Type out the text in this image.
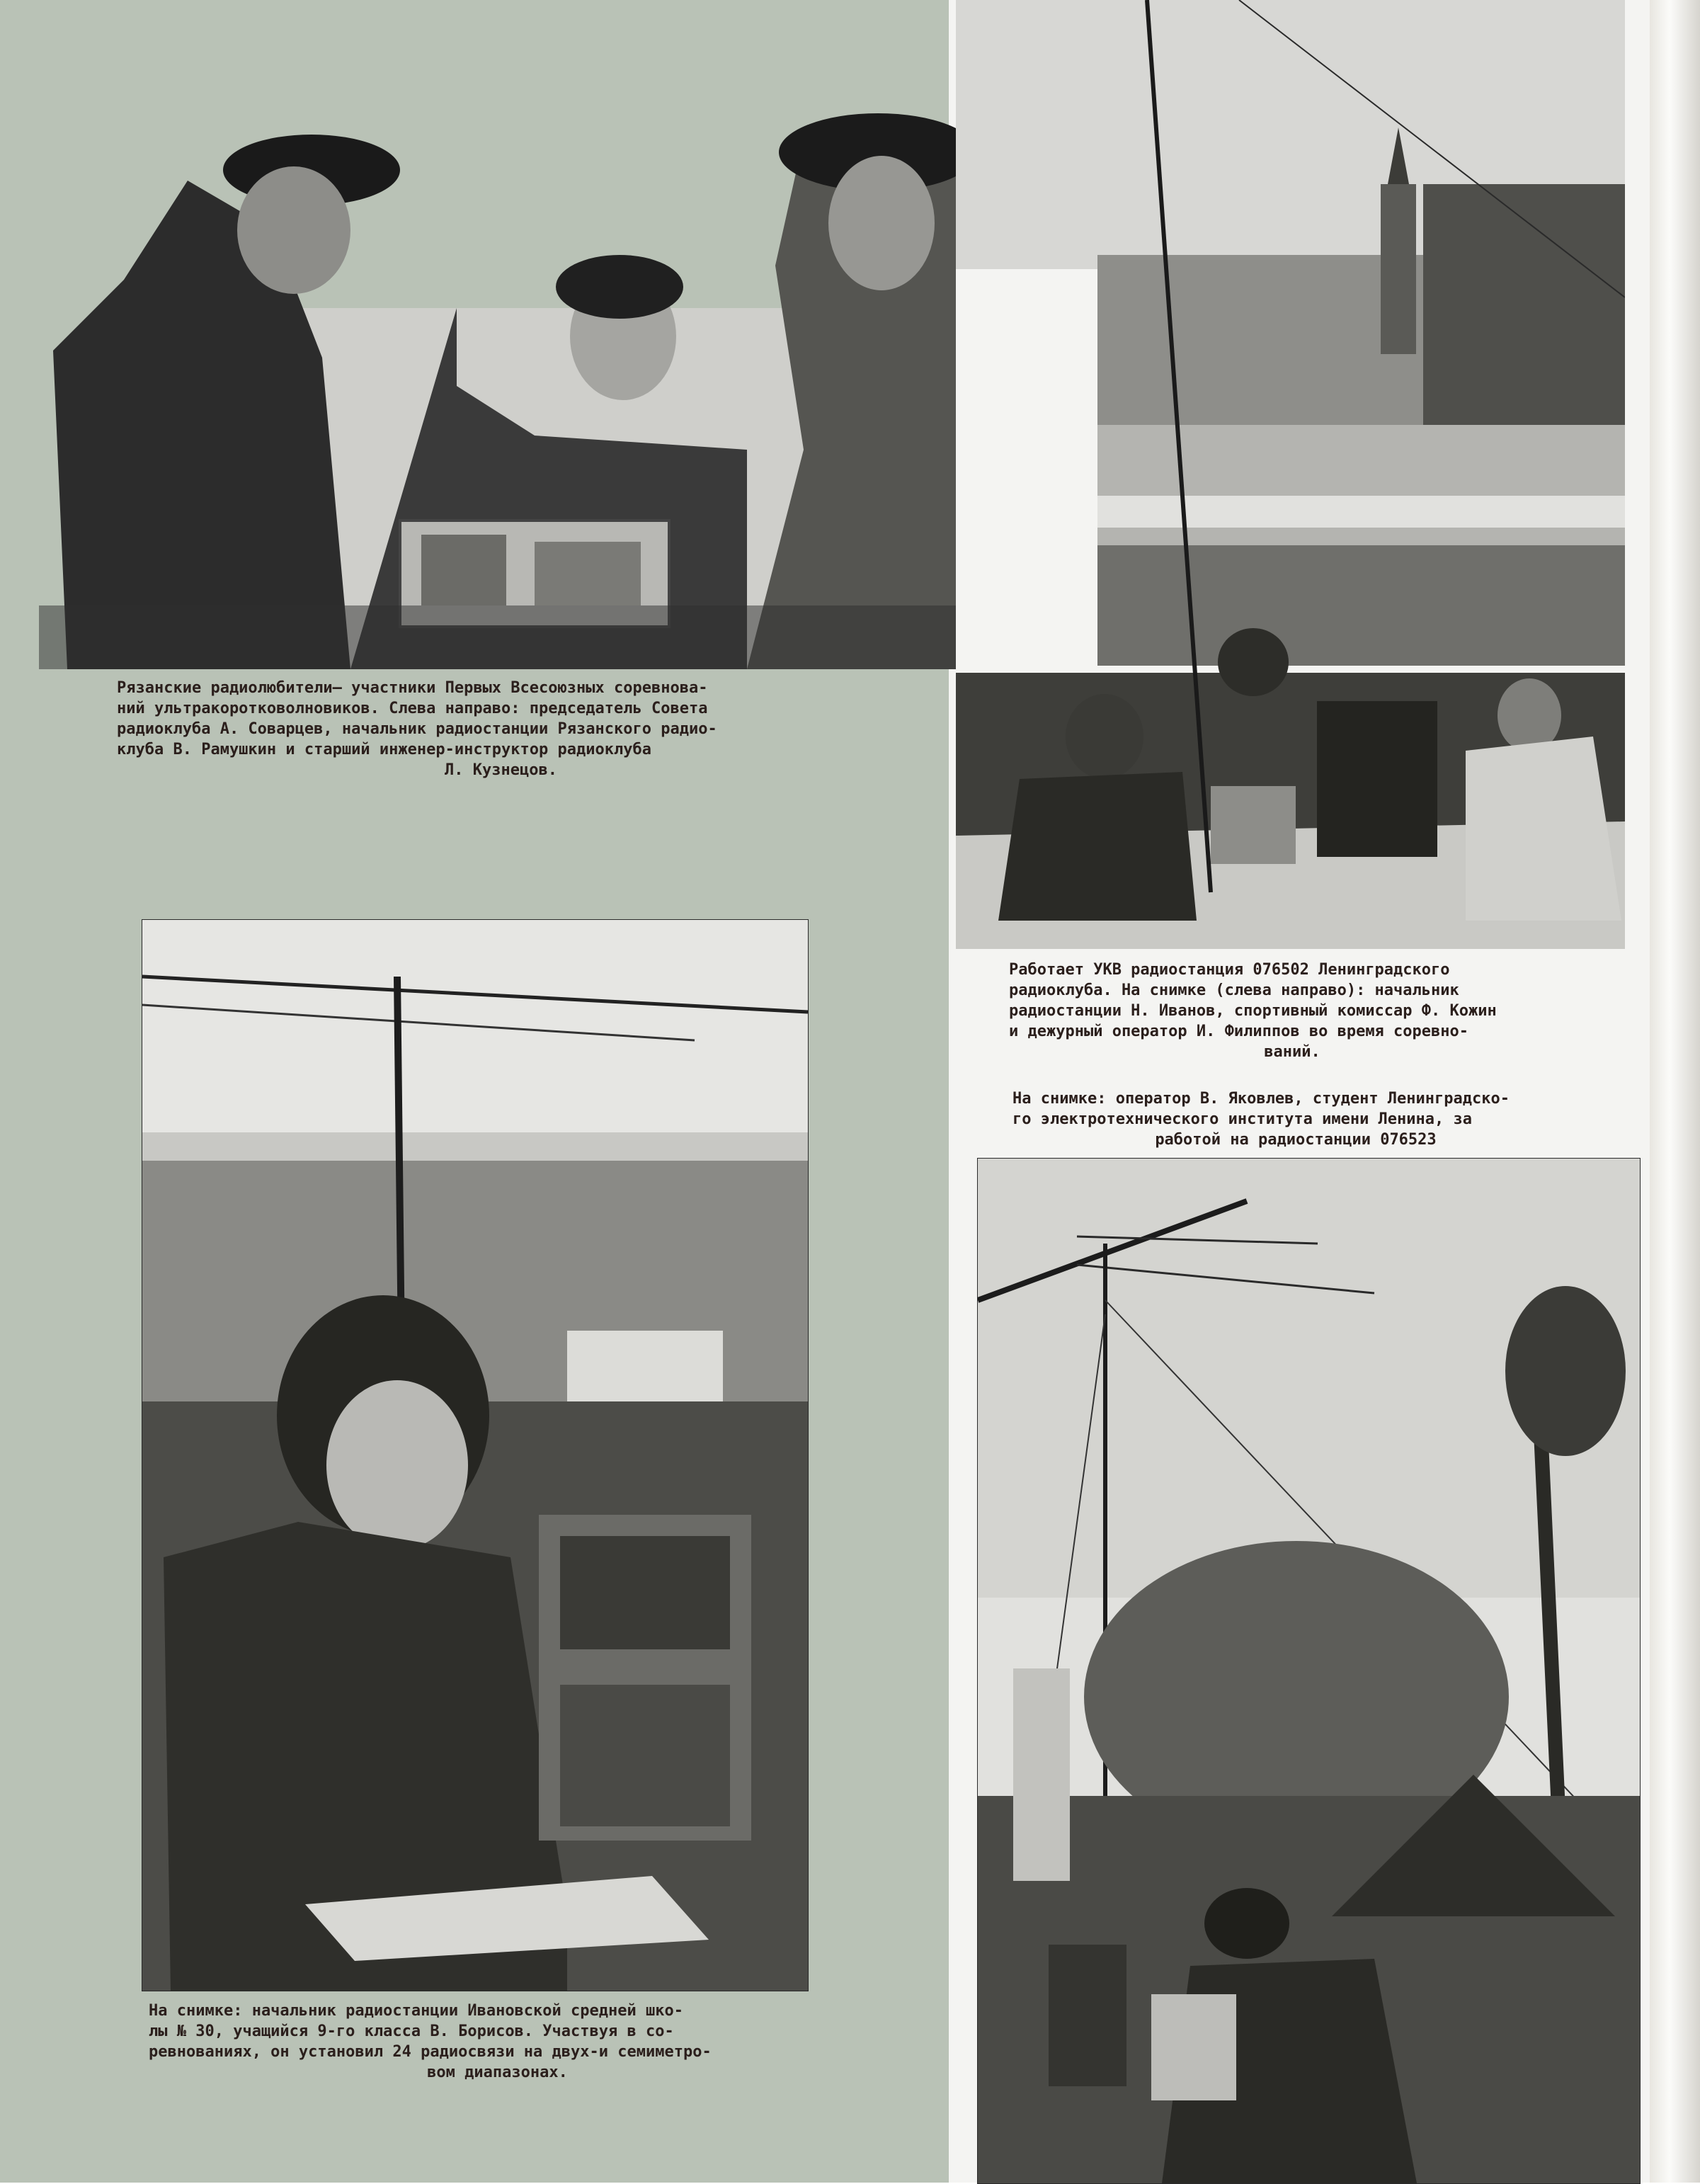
Рязанские радиолюбители— участники Первых Всесоюзных соревнова-
ний ультракоротковолновиков. Слева направо: председатель Совета
радиоклуба А. Соварцев, начальник радиостанции Рязанского радио-
клуба В. Рамушкин и старший инженер-инструктор радиоклуба
Л. Кузнецов.
Работает УКВ радиостанция 076502 Ленинградского
радиоклуба. На снимке (слева направо): начальник
радиостанции Н. Иванов, спортивный комиссар Ф. Кожин
и дежурный оператор И. Филиппов во время соревно-
ваний.
На снимке: оператор В. Яковлев, студент Ленинградско-
го электротехнического института имени Ленина, за
работой на радиостанции 076523
На снимке: начальник радиостанции Ивановской средней шко-
лы № 30, учащийся 9-го класса В. Борисов. Участвуя в со-
ревнованиях, он установил 24 радиосвязи на двух-и семиметро-
вом диапазонах.
